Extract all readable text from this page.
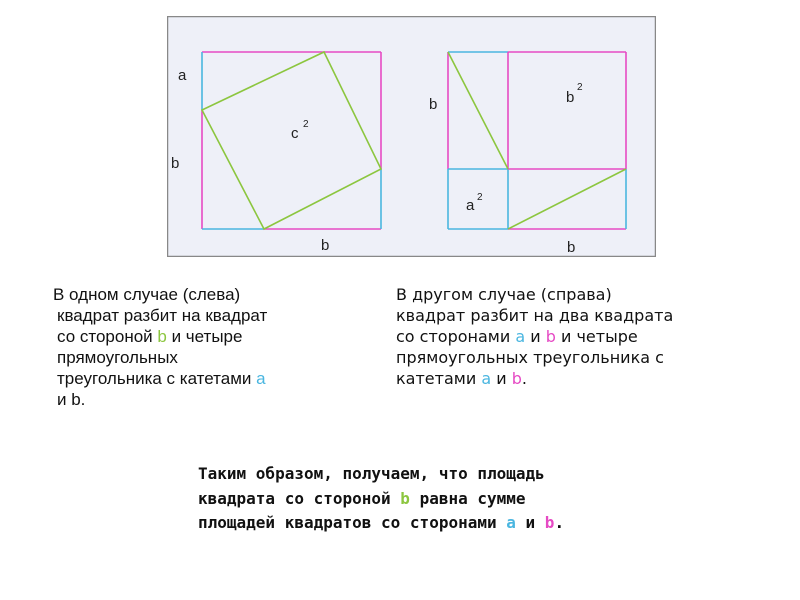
a
b
b
c
2
b	b
2
a 2
b

В одном случае (слева)
квадрат разбит на квадрат
со стороной b и четыре
прямоугольных
треугольника с катетами a
и b.

В другом случае (справа)
квадрат разбит на два квадрата
со сторонами a и b и четыре
прямоугольных треугольника с
катетами a и b.

Таким образом, получаем, что площадь
квадрата со стороной b равна сумме
площадей квадратов со сторонами a и b.
